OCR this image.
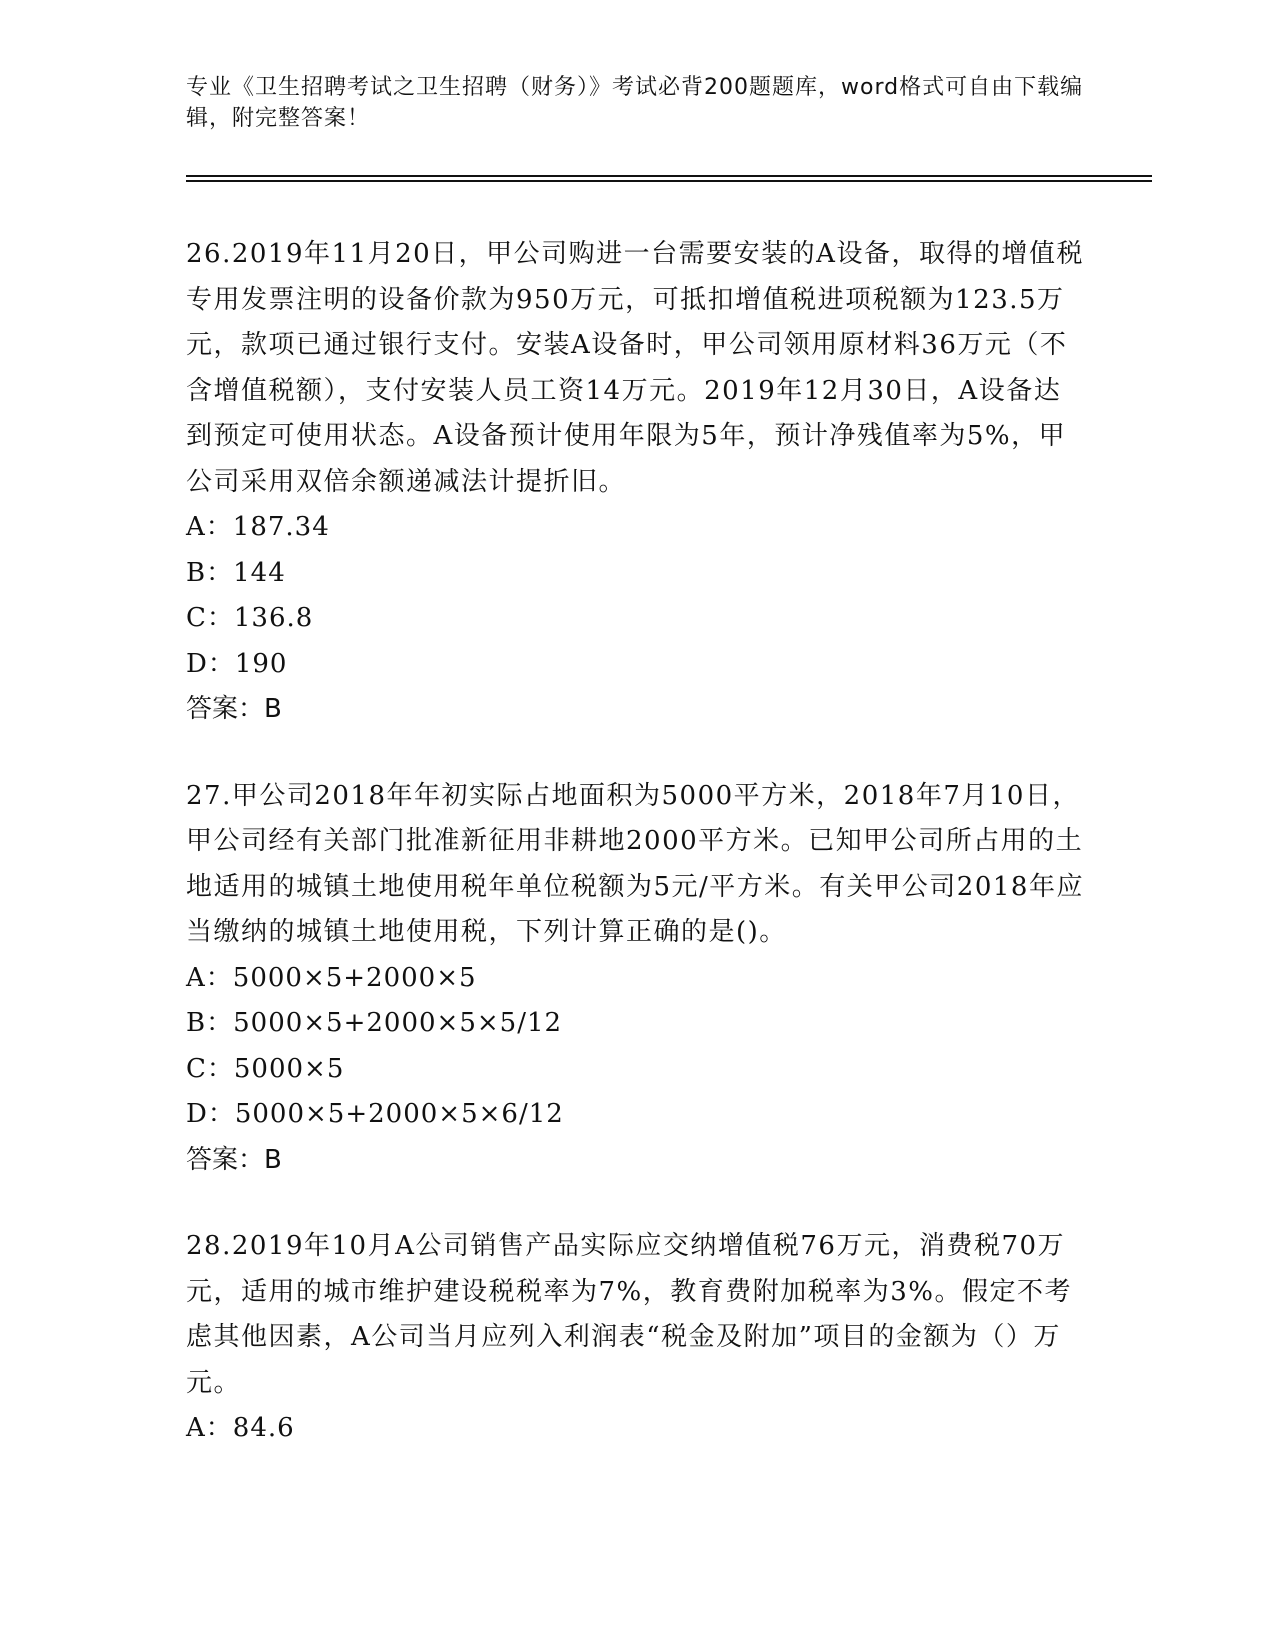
专业《卫生招聘考试之卫生招聘（财务）》考试必背200题题库，word格式可自由下载编辑，附完整答案！

26.2019年11月20日，甲公司购进一台需要安装的A设备，取得的增值税专用发票注明的设备价款为950万元，可抵扣增值税进项税额为123.5万元，款项已通过银行支付。安装A设备时，甲公司领用原材料36万元（不含增值税额），支付安装人员工资14万元。2019年12月30日，A设备达到预定可使用状态。A设备预计使用年限为5年，预计净残值率为5%，甲公司采用双倍余额递减法计提折旧。

A：187.34

B：144

C：136.8

D：190

答案：B

27.甲公司2018年年初实际占地面积为5000平方米，2018年7月10日，甲公司经有关部门批准新征用非耕地2000平方米。已知甲公司所占用的土地适用的城镇土地使用税年单位税额为5元/平方米。有关甲公司2018年应当缴纳的城镇土地使用税，下列计算正确的是()。

A：5000×5+2000×5

B：5000×5+2000×5×5/12

C：5000×5

D：5000×5+2000×5×6/12

答案：B

28.2019年10月A公司销售产品实际应交纳增值税76万元，消费税70万元，适用的城市维护建设税税率为7%，教育费附加税率为3%。假定不考虑其他因素，A公司当月应列入利润表“税金及附加”项目的金额为（）万元。

A：84.6
